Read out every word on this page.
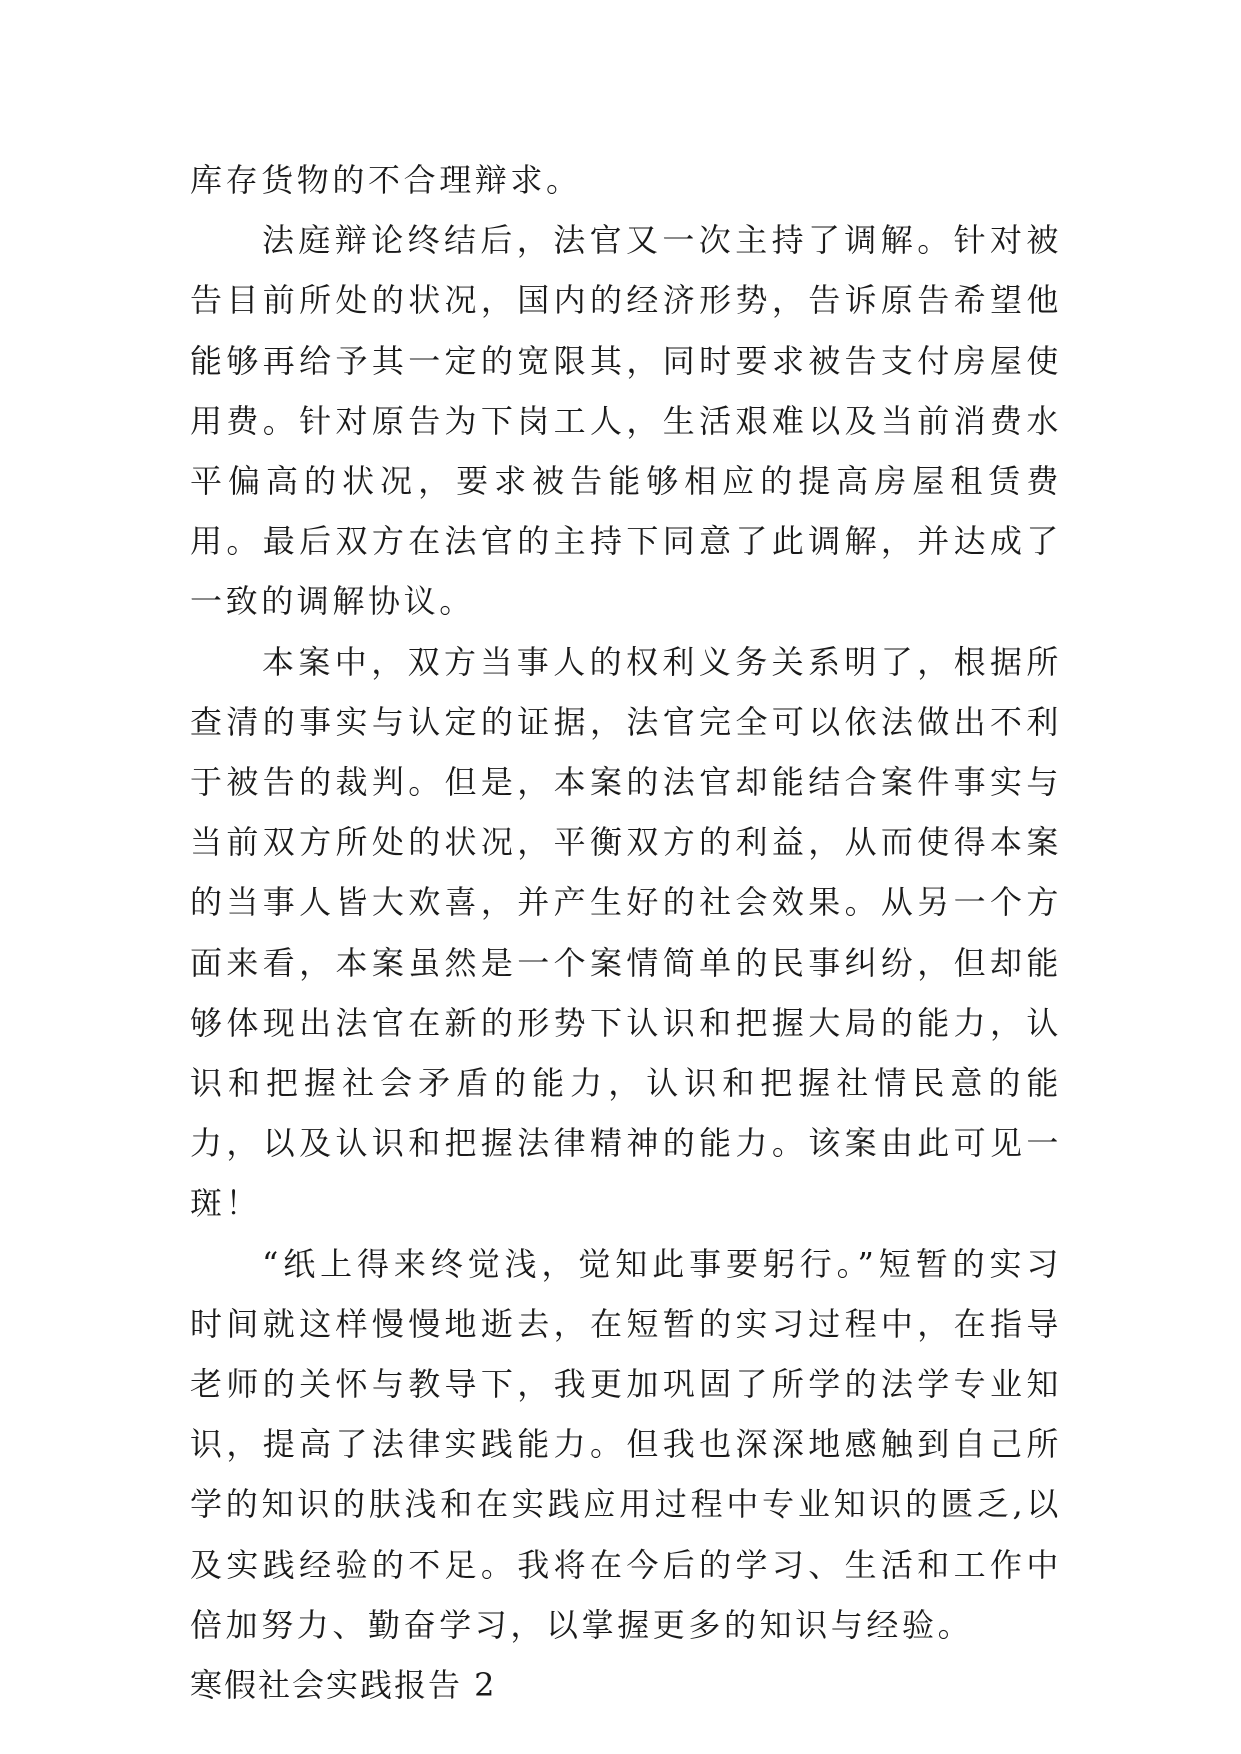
库存货物的不合理辩求。

法庭辩论终结后，法官又一次主持了调解。针对被告目前所处的状况，国内的经济形势，告诉原告希望他能够再给予其一定的宽限其，同时要求被告支付房屋使用费。针对原告为下岗工人，生活艰难以及当前消费水平偏高的状况，要求被告能够相应的提高房屋租赁费用。最后双方在法官的主持下同意了此调解，并达成了一致的调解协议。

本案中，双方当事人的权利义务关系明了，根据所查清的事实与认定的证据，法官完全可以依法做出不利于被告的裁判。但是，本案的法官却能结合案件事实与当前双方所处的状况，平衡双方的利益，从而使得本案的当事人皆大欢喜，并产生好的社会效果。从另一个方面来看，本案虽然是一个案情简单的民事纠纷，但却能够体现出法官在新的形势下认识和把握大局的能力，认识和把握社会矛盾的能力，认识和把握社情民意的能力，以及认识和把握法律精神的能力。该案由此可见一斑！

“纸上得来终觉浅，觉知此事要躬行。”短暂的实习时间就这样慢慢地逝去，在短暂的实习过程中，在指导老师的关怀与教导下，我更加巩固了所学的法学专业知识，提高了法律实践能力。但我也深深地感触到自己所学的知识的肤浅和在实践应用过程中专业知识的匮乏,以及实践经验的不足。我将在今后的学习、生活和工作中倍加努力、勤奋学习，以掌握更多的知识与经验。

寒假社会实践报告 2
